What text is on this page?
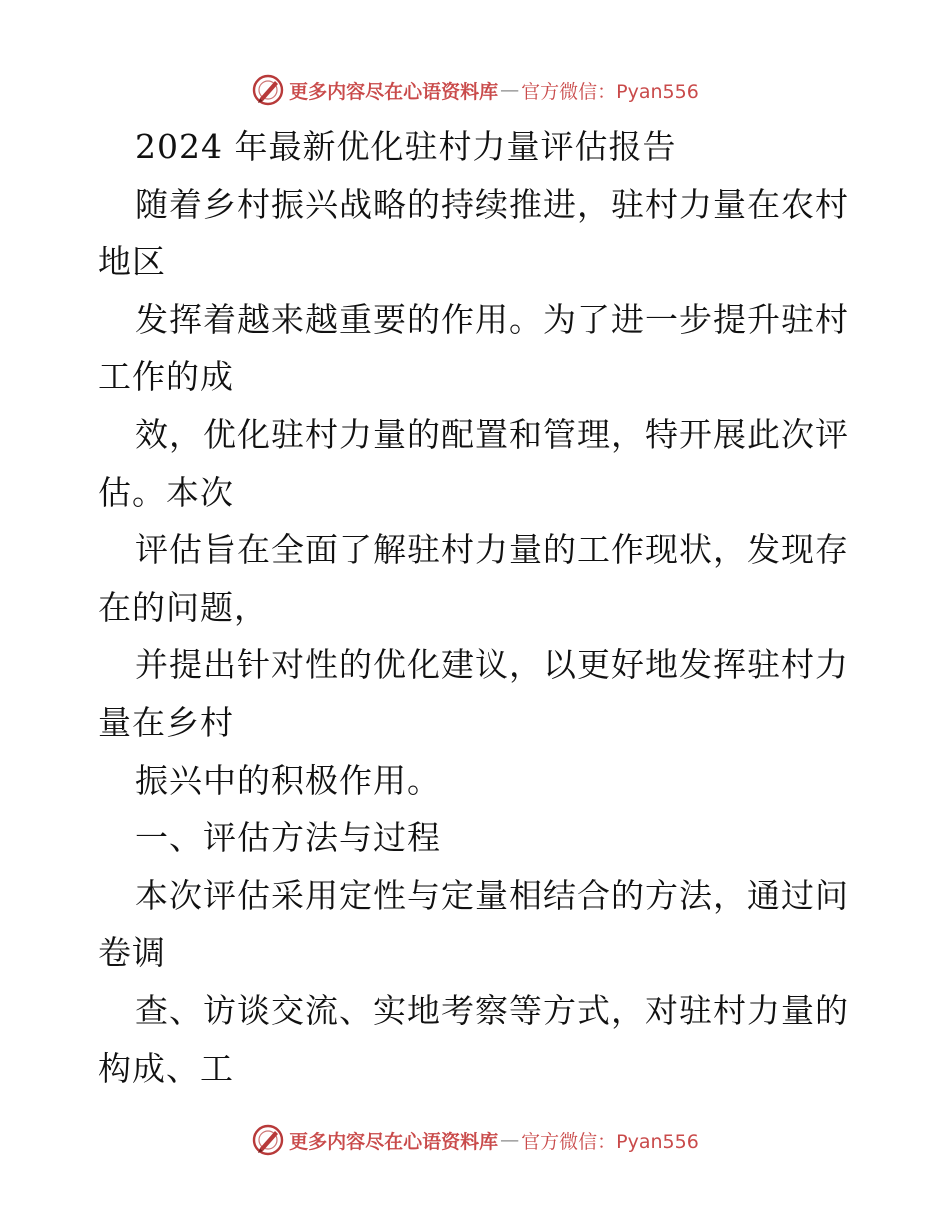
更多内容尽在心语资料库 — 官方微信：Pyan556
2024 年最新优化驻村力量评估报告
随着乡村振兴战略的持续推进，驻村力量在农村
地区
发挥着越来越重要的作用。为了进一步提升驻村
工作的成
效，优化驻村力量的配置和管理，特开展此次评
估。本次
评估旨在全面了解驻村力量的工作现状，发现存
在的问题，
并提出针对性的优化建议，以更好地发挥驻村力
量在乡村
振兴中的积极作用。
一、评估方法与过程
本次评估采用定性与定量相结合的方法，通过问
卷调
查、访谈交流、实地考察等方式，对驻村力量的
构成、工
更多内容尽在心语资料库 — 官方微信：Pyan556
